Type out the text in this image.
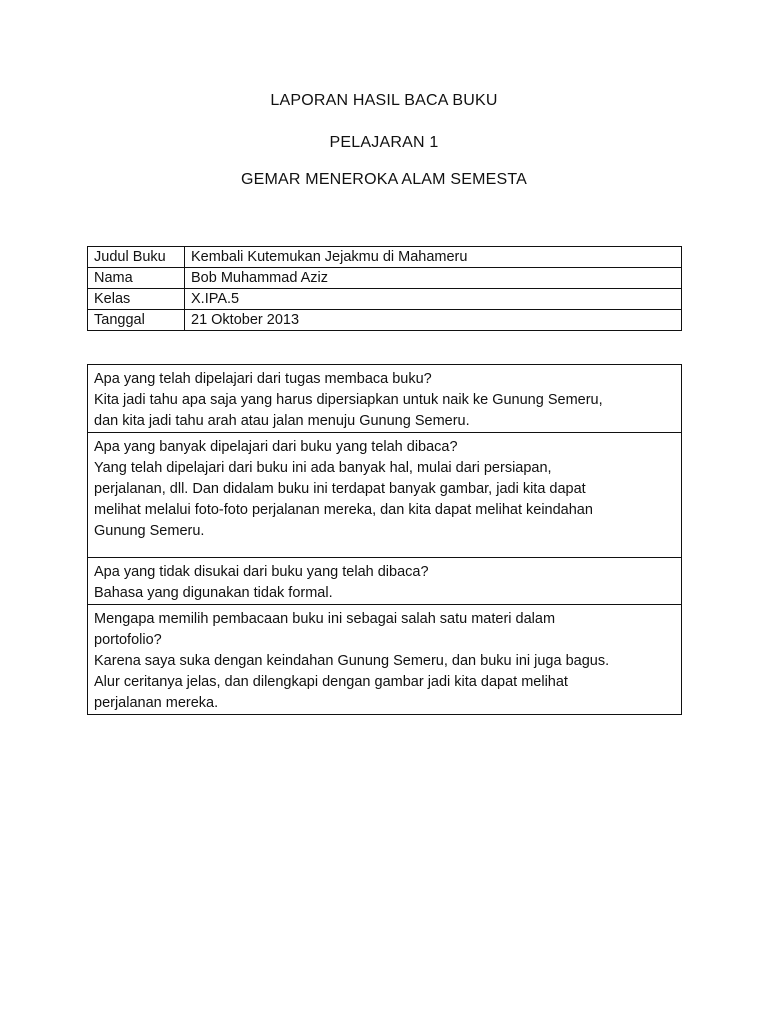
LAPORAN HASIL BACA BUKU
PELAJARAN 1
GEMAR MENEROKA ALAM SEMESTA
Judul Buku	Kembali Kutemukan Jejakmu di Mahameru
Nama	Bob Muhammad Aziz
Kelas	X.IPA.5
Tanggal	21 Oktober 2013

Apa yang telah dipelajari dari tugas membaca buku?

Kita jadi tahu apa saja yang harus dipersiapkan untuk naik ke Gunung Semeru,

dan kita jadi tahu arah atau jalan menuju Gunung Semeru.

Apa yang banyak dipelajari dari buku yang telah dibaca?

Yang telah dipelajari dari buku ini ada banyak hal, mulai dari persiapan,

perjalanan, dll. Dan didalam buku ini terdapat banyak gambar, jadi kita dapat

melihat melalui foto-foto perjalanan mereka, dan kita dapat melihat keindahan

Gunung Semeru.

Apa yang tidak disukai dari buku yang telah dibaca?

Bahasa yang digunakan tidak formal.

Mengapa memilih pembacaan buku ini sebagai salah satu materi dalam

portofolio?

Karena saya suka dengan keindahan Gunung Semeru, dan buku ini juga bagus.

Alur ceritanya jelas, dan dilengkapi dengan gambar jadi kita dapat melihat

perjalanan mereka.
